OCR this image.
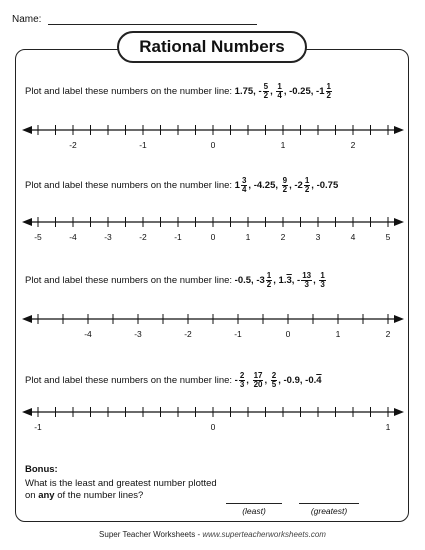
Name:
Rational Numbers
Plot and label these numbers on the number line: 1.75, - $\frac{5}{2}$ , $\frac{1}{4}$ , -0.25, $-1 \frac{1}{2}$
-2	-1	0	1	2
Plot and label these numbers on the number line: $1 \frac{3}{4}$ , -4.25, $\frac{9}{2}$ , $-2 \frac{1}{2}$ , -0.75
-5	-4	-3	-2	-1	0	1	2	3	4	5
Plot and label these numbers on the number line: -0.5, $-3 \frac{1}{2}$ , 1.3, - $\frac{13}{3}$ , $\frac{1}{3}$
-4	-3	-2	-1	0	1	2
Plot and label these numbers on the number line: - $\frac{2}{3}$ , $\frac{17}{20}$ , $\frac{2}{5}$ , -0.9, -0.4
-1	0	1
Bonus:
What is the least and greatest number plotted on any of the number lines?
(least)	(greatest)
Super Teacher Worksheets - www.superteacherworksheets.com
